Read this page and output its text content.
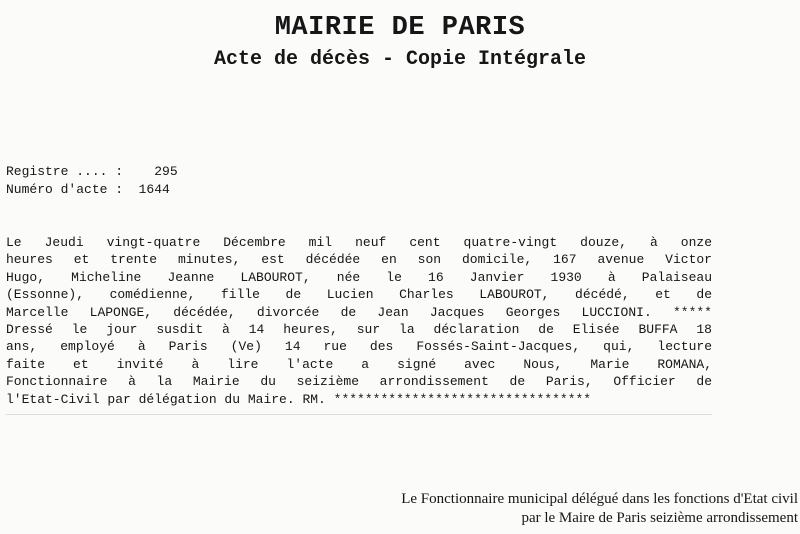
MAIRIE DE PARIS
Acte de décès - Copie Intégrale
Registre .... :    295
Numéro d'acte :  1644
Le Jeudi vingt-quatre Décembre mil neuf cent quatre-vingt douze, à onze
heures et trente minutes, est décédée en son domicile, 167 avenue Victor
Hugo, Micheline Jeanne LABOUROT, née le 16 Janvier 1930 à Palaiseau
(Essonne), comédienne, fille de Lucien Charles LABOUROT, décédé, et de
Marcelle LAPONGE, décédée, divorcée de Jean Jacques Georges LUCCIONI. *****
Dressé le jour susdit à 14 heures, sur la déclaration de Elisée BUFFA 18
ans, employé à Paris (Ve) 14 rue des Fossés-Saint-Jacques, qui, lecture
faite et invité à lire l'acte a signé avec Nous, Marie ROMANA,
Fonctionnaire à la Mairie du seizième arrondissement de Paris, Officier de
l'Etat-Civil par délégation du Maire. RM. *********************************
Le Fonctionnaire municipal délégué dans les fonctions d'Etat civil
par le Maire de Paris seizième arrondissement
